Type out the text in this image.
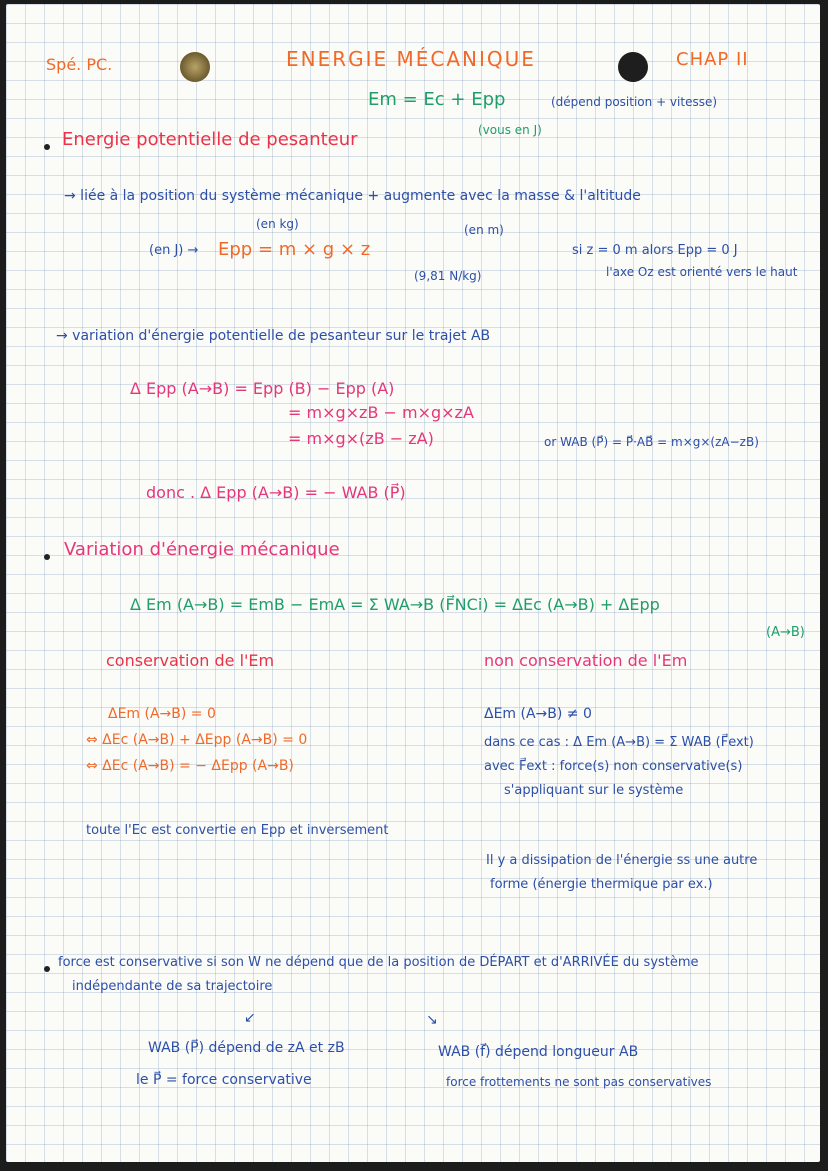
Spé. PC.	ENERGIE MÉCANIQUE	CHAP II
Em = Ec + Epp	(dépend position + vitesse)
(vous en J)
Energie potentielle de pesanteur
→ liée à la position du système mécanique + augmente avec la masse & l'altitude
(en J) → Epp = m × g × z
(en kg)	(en m)
(9,81 N/kg)
si z = 0 m alors Epp = 0 J
l'axe Oz est orienté vers le haut
→ variation d'énergie potentielle de pesanteur sur le trajet AB
Δ Epp (A→B) = Epp (B) − Epp (A)
= m×g×zB − m×g×zA
= m×g×(zB − zA)	or WAB (P⃗) = P⃗·AB⃗ = m×g×(zA−zB)
donc . Δ Epp (A→B) = − WAB (P⃗)
Variation d'énergie mécanique
Δ Em (A→B) = EmB − EmA = Σ WA→B (F⃗NCi) = ΔEc (A→B) + ΔEpp
(A→B)
conservation de l'Em	non conservation de l'Em
ΔEm (A→B) = 0
⇔ ΔEc (A→B) + ΔEpp (A→B) = 0
⇔ ΔEc (A→B) = − ΔEpp (A→B)
toute l'Ec est convertie en Epp et inversement
ΔEm (A→B) ≠ 0
dans ce cas : Δ Em (A→B) = Σ WAB (F⃗ext)
avec F⃗ext : force(s) non conservative(s)
s'appliquant sur le système
Il y a dissipation de l'énergie ss une autre
forme (énergie thermique par ex.)
force est conservative si son W ne dépend que de la position de DÉPART et d'ARRIVÉE du système
indépendante de sa trajectoire
↙	↘
WAB (P⃗) dépend de zA et zB
le P⃗ = force conservative
WAB (f⃗) dépend longueur AB
force frottements ne sont pas conservatives
